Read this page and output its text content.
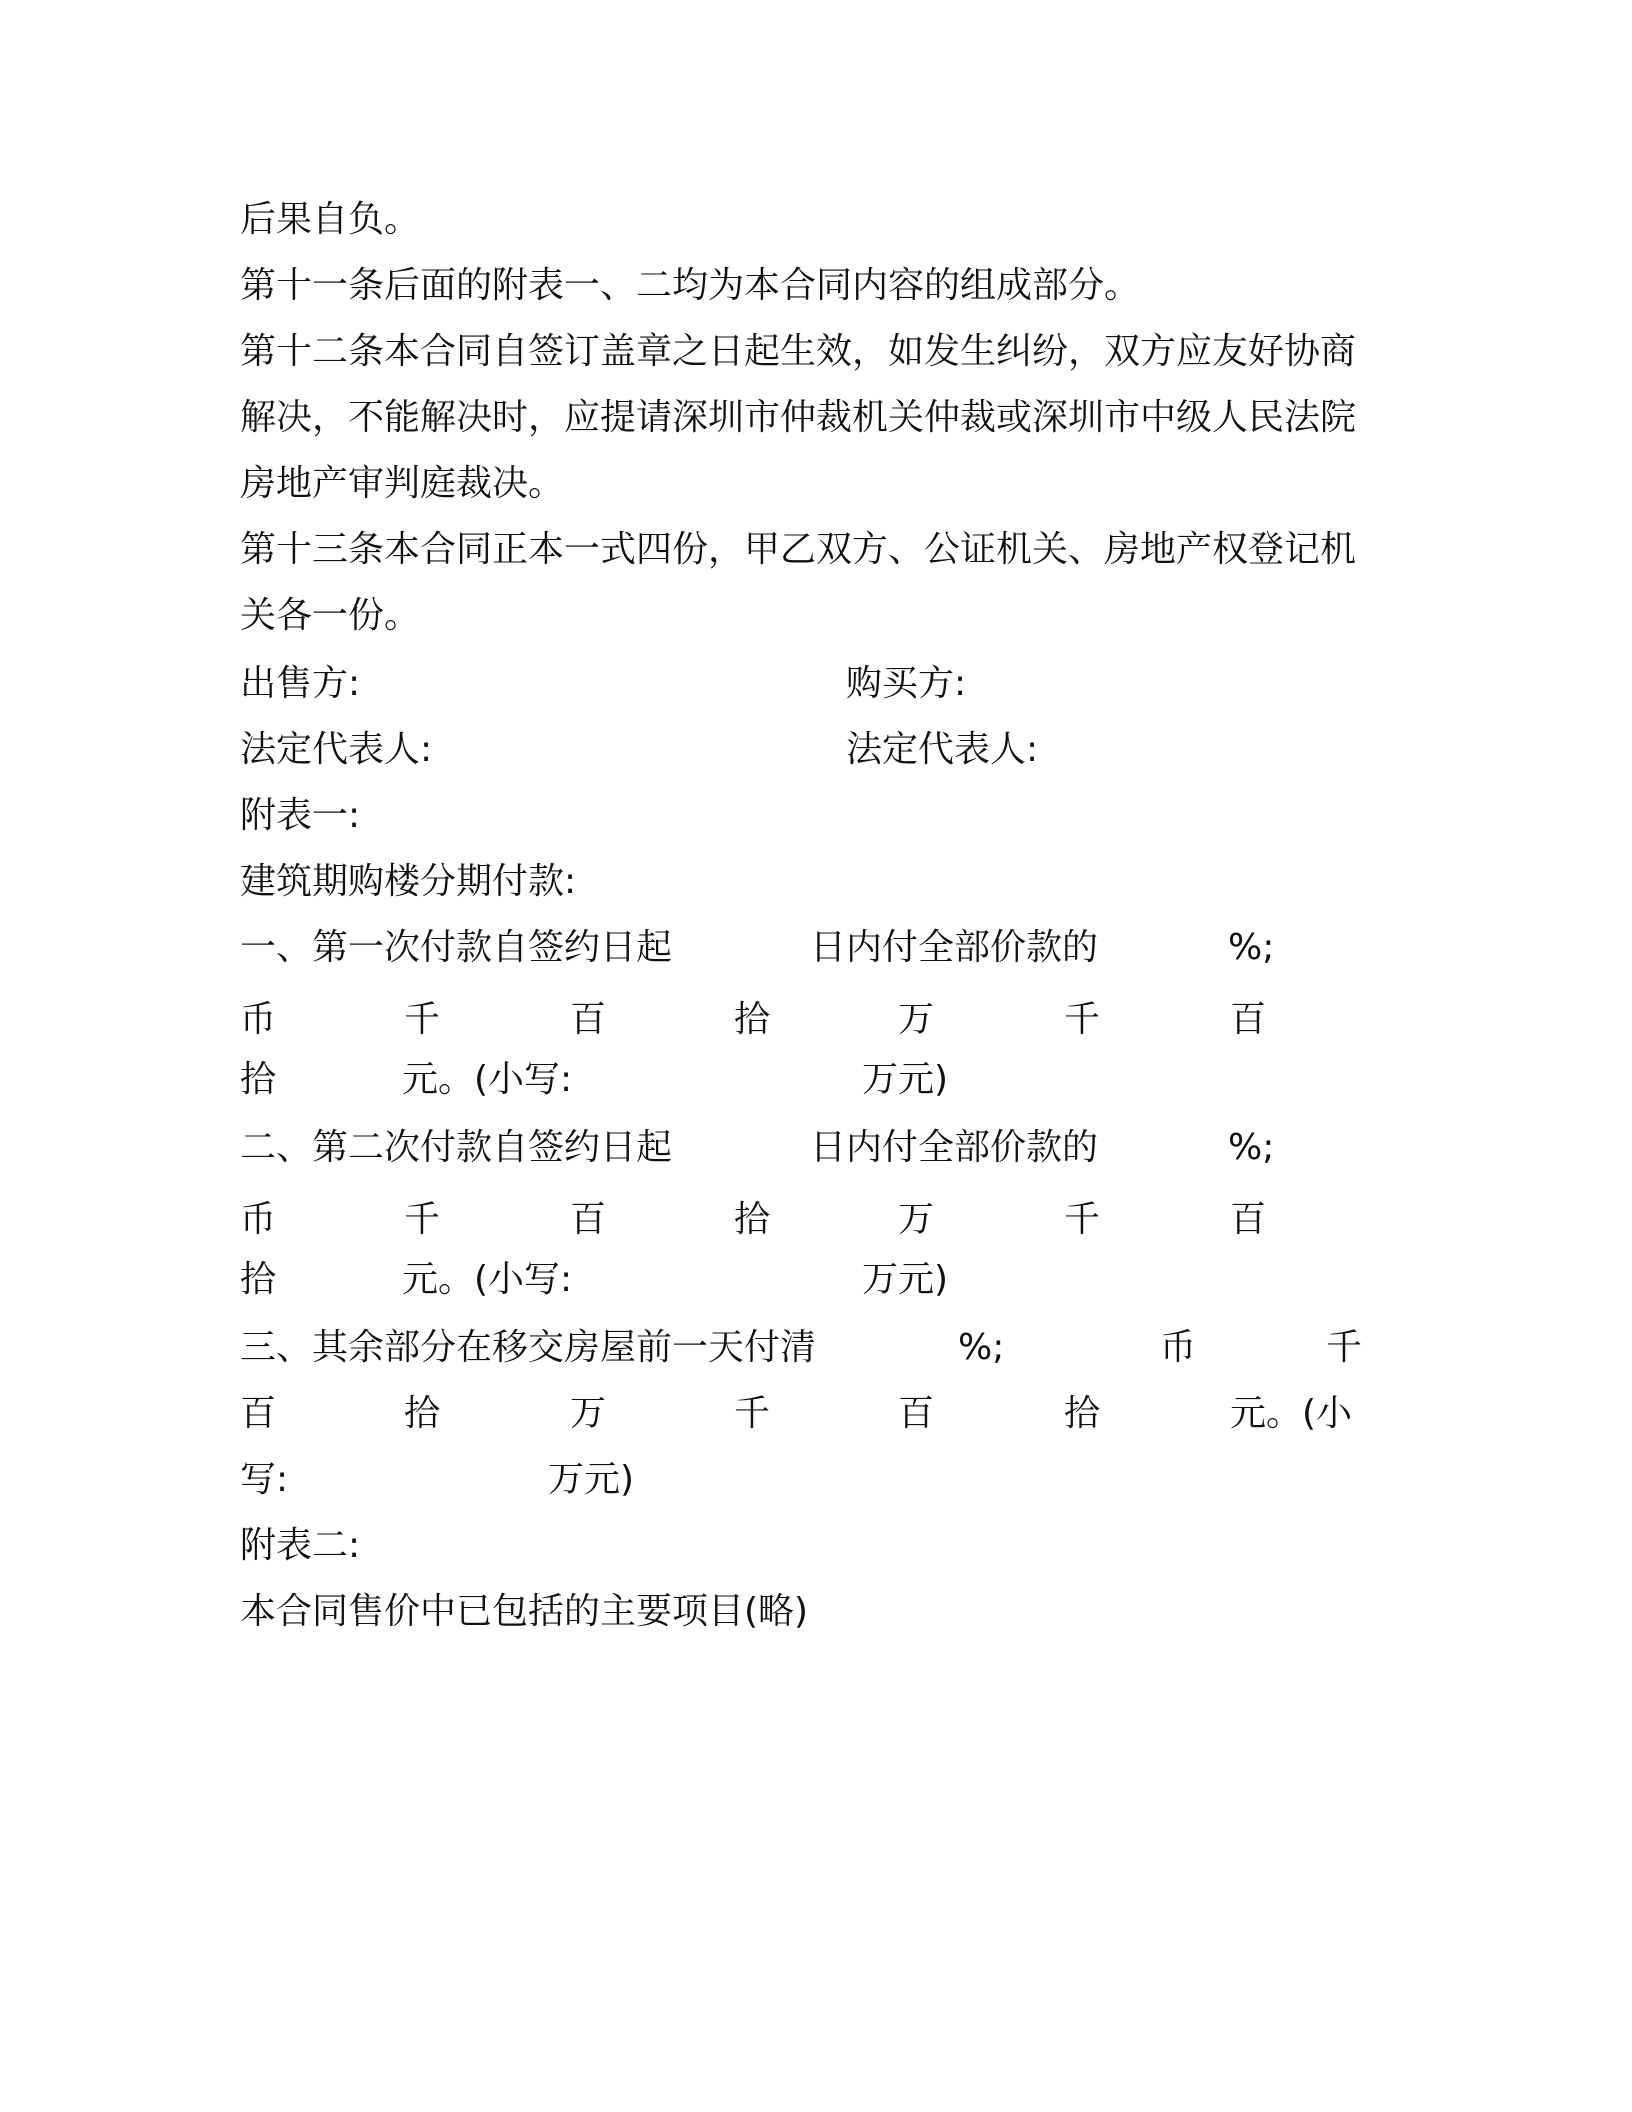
后果自负。
第十一条后面的附表一、二均为本合同内容的组成部分。
第十二条本合同自签订盖章之日起生效，如发生纠纷，双方应友好协商
解决，不能解决时，应提请深圳市仲裁机关仲裁或深圳市中级人民法院
房地产审判庭裁决。
第十三条本合同正本一式四份，甲乙双方、公证机关、房地产权登记机
关各一份。
出售方:	购买方:
法定代表人:	法定代表人:
附表一:
建筑期购楼分期付款:
一、第一次付款自签约日起	日内付全部价款的	%;
币	千	百	拾	万	千	百
拾	元。(小写:	万元)
二、第二次付款自签约日起	日内付全部价款的	%;
币	千	百	拾	万	千	百
拾	元。(小写:	万元)
三、其余部分在移交房屋前一天付清	%;	币	千
百	拾	万	千	百	拾	元。(小
写:	万元)
附表二:
本合同售价中已包括的主要项目(略)
